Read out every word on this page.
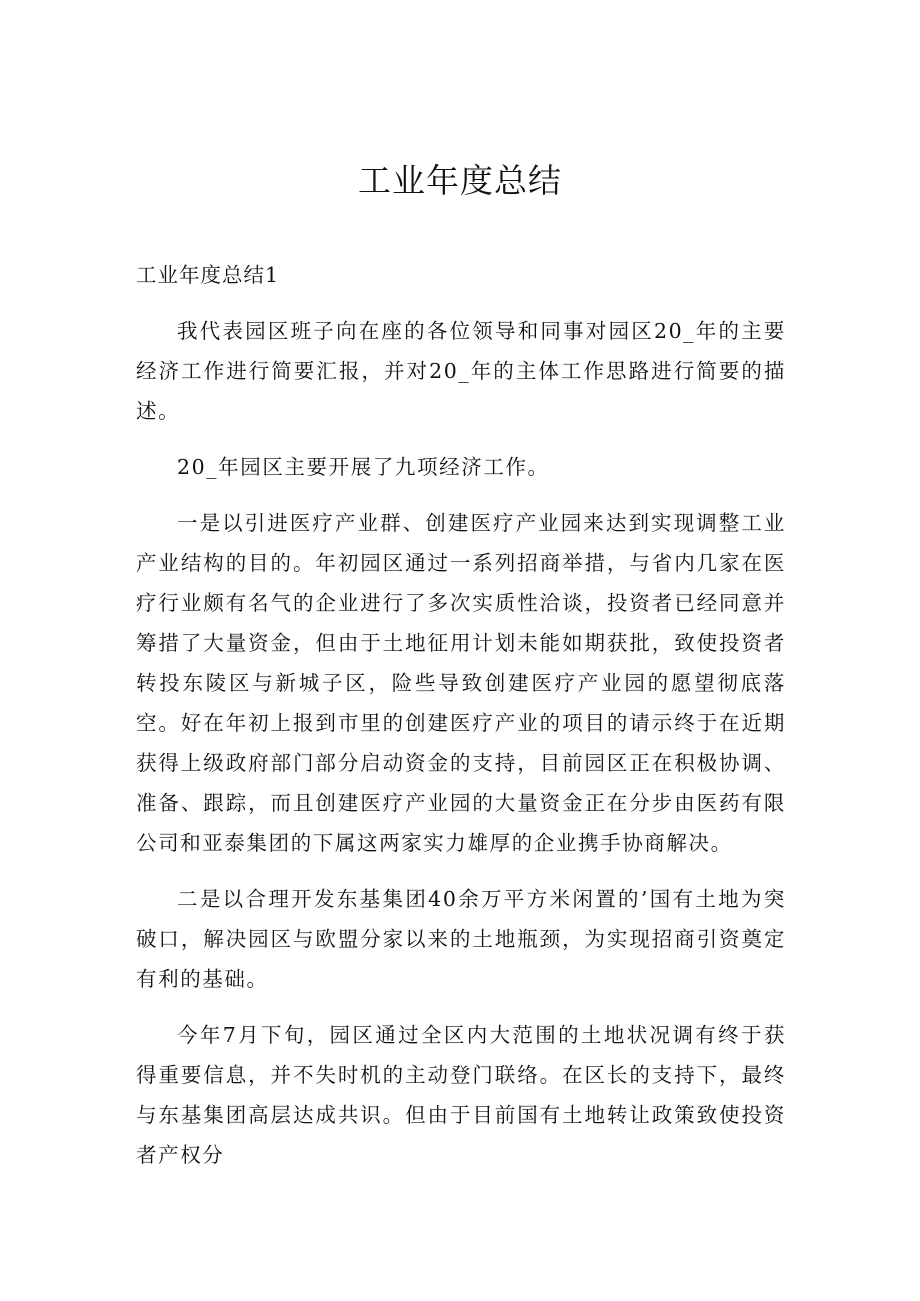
工业年度总结

工业年度总结1

我代表园区班子向在座的各位领导和同事对园区20_年的主要经济工作进行简要汇报，并对20_年的主体工作思路进行简要的描述。

20_年园区主要开展了九项经济工作。

一是以引进医疗产业群、创建医疗产业园来达到实现调整工业产业结构的目的。年初园区通过一系列招商举措，与省内几家在医疗行业颇有名气的企业进行了多次实质性洽谈，投资者已经同意并筹措了大量资金，但由于土地征用计划未能如期获批，致使投资者转投东陵区与新城子区，险些导致创建医疗产业园的愿望彻底落空。好在年初上报到市里的创建医疗产业的项目的请示终于在近期获得上级政府部门部分启动资金的支持，目前园区正在积极协调、准备、跟踪，而且创建医疗产业园的大量资金正在分步由医药有限公司和亚泰集团的下属这两家实力雄厚的企业携手协商解决。

二是以合理开发东基集团40余万平方米闲置的’国有土地为突破口，解决园区与欧盟分家以来的土地瓶颈，为实现招商引资奠定有利的基础。

今年7月下旬，园区通过全区内大范围的土地状况调有终于获得重要信息，并不失时机的主动登门联络。在区长的支持下，最终与东基集团高层达成共识。但由于目前国有土地转让政策致使投资者产权分
